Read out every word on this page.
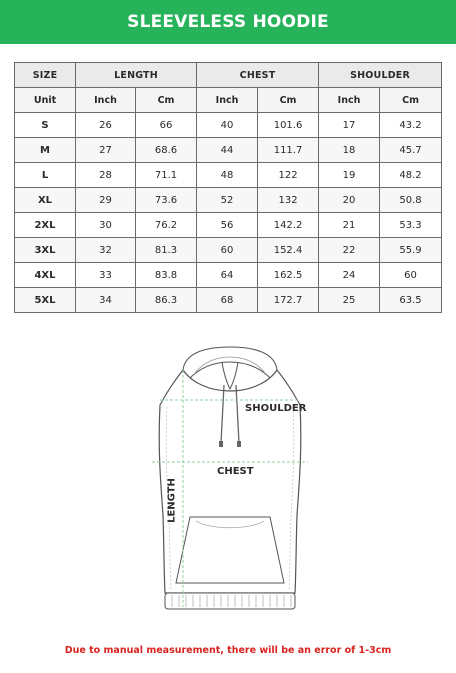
SLEEVELESS HOODIE
SIZE	LENGTH		CHEST		SHOULDER	
Unit	Inch	Cm	Inch	Cm	Inch	Cm
S	26	66	40	101.6	17	43.2
M	27	68.6	44	111.7	18	45.7
L	28	71.1	48	122	19	48.2
XL	29	73.6	52	132	20	50.8
2XL	30	76.2	56	142.2	21	53.3
3XL	32	81.3	60	152.4	22	55.9
4XL	33	83.8	64	162.5	24	60
5XL	34	86.3	68	172.7	25	63.5
SHOULDER
CHEST
LENGTH
Due to manual measurement, there will be an error of 1-3cm
